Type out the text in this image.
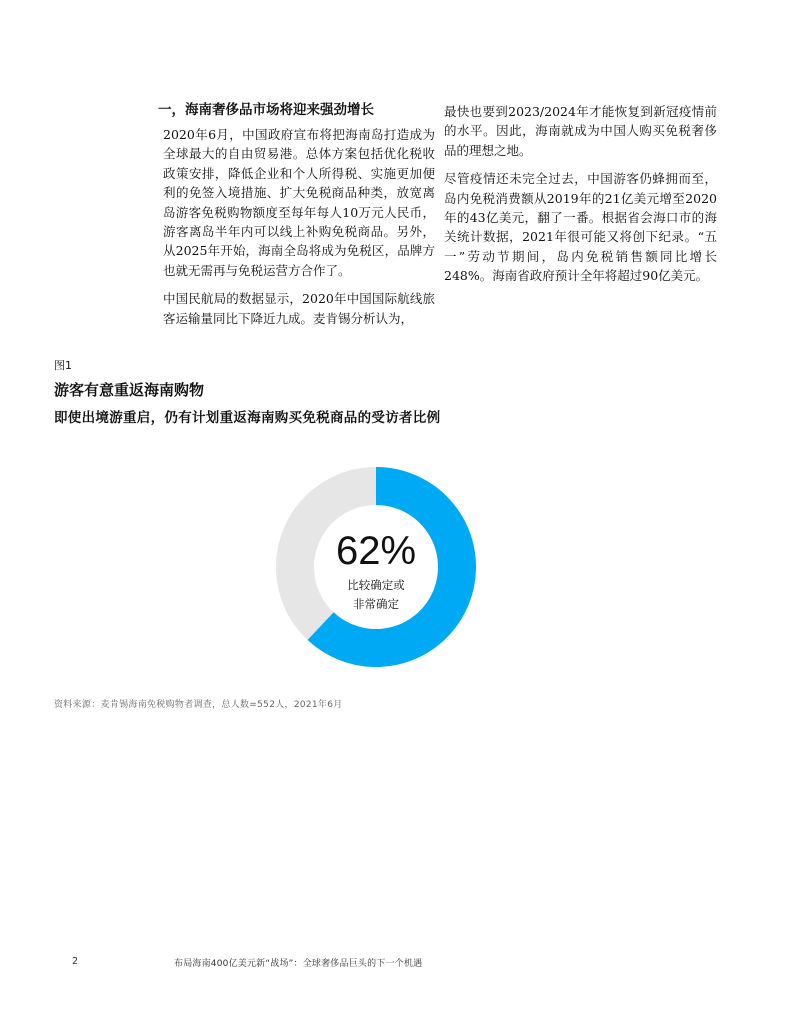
一，海南奢侈品市场将迎来强劲增长

2020年6月，中国政府宣布将把海南岛打造成为全球最大的自由贸易港。总体方案包括优化税收政策安排，降低企业和个人所得税、实施更加便利的免签入境措施、扩大免税商品种类，放宽离岛游客免税购物额度至每年每人10万元人民币，游客离岛半年内可以线上补购免税商品。另外，从2025年开始，海南全岛将成为免税区，品牌方也就无需再与免税运营方合作了。

中国民航局的数据显示，2020年中国国际航线旅客运输量同比下降近九成。麦肯锡分析认为，

最快也要到2023/2024年才能恢复到新冠疫情前的水平。因此，海南就成为中国人购买免税奢侈品的理想之地。

尽管疫情还未完全过去，中国游客仍蜂拥而至，岛内免税消费额从2019年的21亿美元增至2020年的43亿美元，翻了一番。根据省会海口市的海关统计数据，2021年很可能又将创下纪录。“五一”劳动节期间，岛内免税销售额同比增长248%。海南省政府预计全年将超过90亿美元。

图1
游客有意重返海南购物
即使出境游重启，仍有计划重返海南购买免税商品的受访者比例
62%
比较确定或
非常确定
资料来源：麦肯锡海南免税购物者调查，总人数=552人，2021年6月
2	布局海南400亿美元新“战场”：全球奢侈品巨头的下一个机遇
